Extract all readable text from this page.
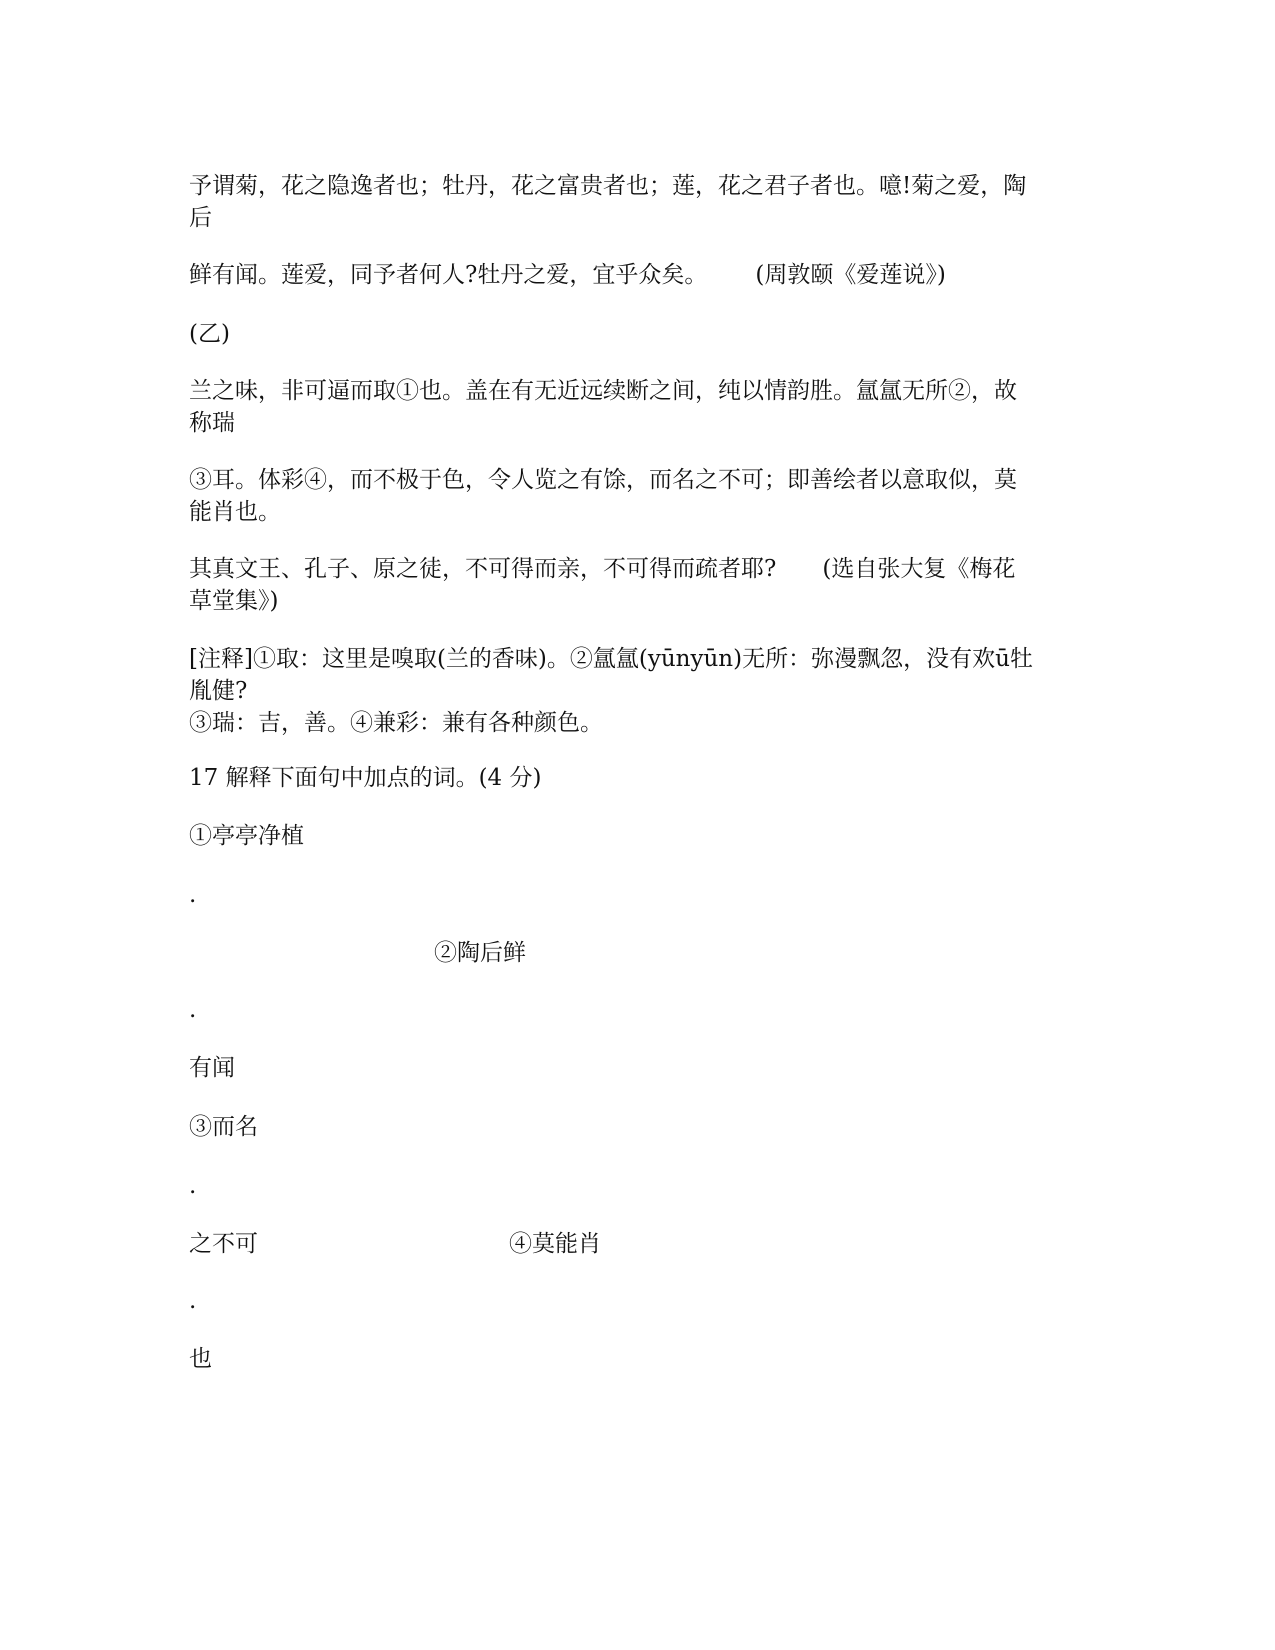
予谓菊，花之隐逸者也；牡丹，花之富贵者也；莲，花之君子者也。噫!菊之爱，陶
后

鲜有闻。莲爱，同予者何人?牡丹之爱，宜乎众矣。 (周敦颐《爱莲说》)

(乙)

兰之味，非可逼而取①也。盖在有无近远续断之间，纯以情韵胜。氲氲无所②，故
称瑞

③耳。体彩④，而不极于色，令人览之有馀，而名之不可；即善绘者以意取似，莫
能肖也。

其真文王、孔子、原之徒，不可得而亲，不可得而疏者耶? (选自张大复《梅花
草堂集》)

[注释]①取：这里是嗅取(兰的香味)。②氲氲(yūnyūn)无所：弥漫飘忽，没有欢ū牡
胤健?
③瑞：吉，善。④兼彩：兼有各种颜色。

17 解释下面句中加点的词。(4 分)

①亭亭净植

.

②陶后鲜

.

有闻

③而名

.

之不可	④莫能肖

.

也
